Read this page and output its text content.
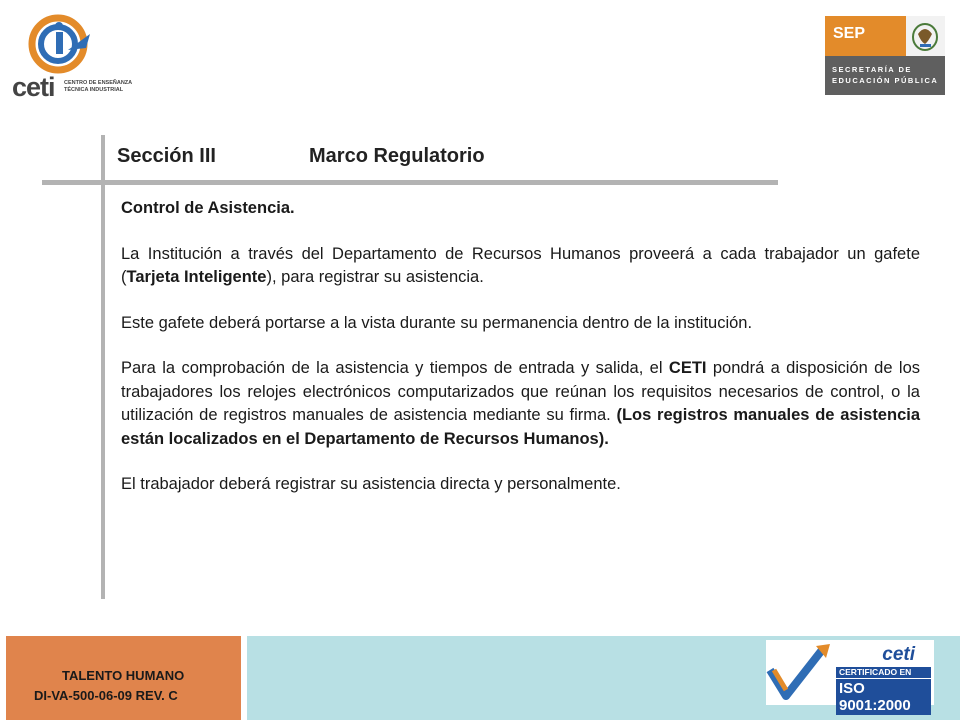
ceti CENTRO DE ENSEÑANZA
TÉCNICA INDUSTRIAL
SEP
SECRETARÍA DE
EDUCACIÓN PÚBLICA
Sección III	Marco Regulatorio

Control de Asistencia.

La Institución a través del Departamento de Recursos Humanos proveerá a cada trabajador un gafete (Tarjeta Inteligente), para registrar su asistencia.

Este gafete deberá portarse a la vista durante su permanencia dentro de la institución.

Para la comprobación de la asistencia y tiempos de entrada y salida, el CETI pondrá a disposición de los trabajadores los relojes electrónicos computarizados que reúnan los requisitos necesarios de control, o la utilización de registros manuales de asistencia mediante su firma. (Los registros manuales de asistencia están localizados en el Departamento de Recursos Humanos).

El trabajador deberá registrar su asistencia directa y personalmente.

TALENTO HUMANO
DI-VA-500-06-09 REV. C
ceti
CERTIFICADO EN
ISO 9001:2000
